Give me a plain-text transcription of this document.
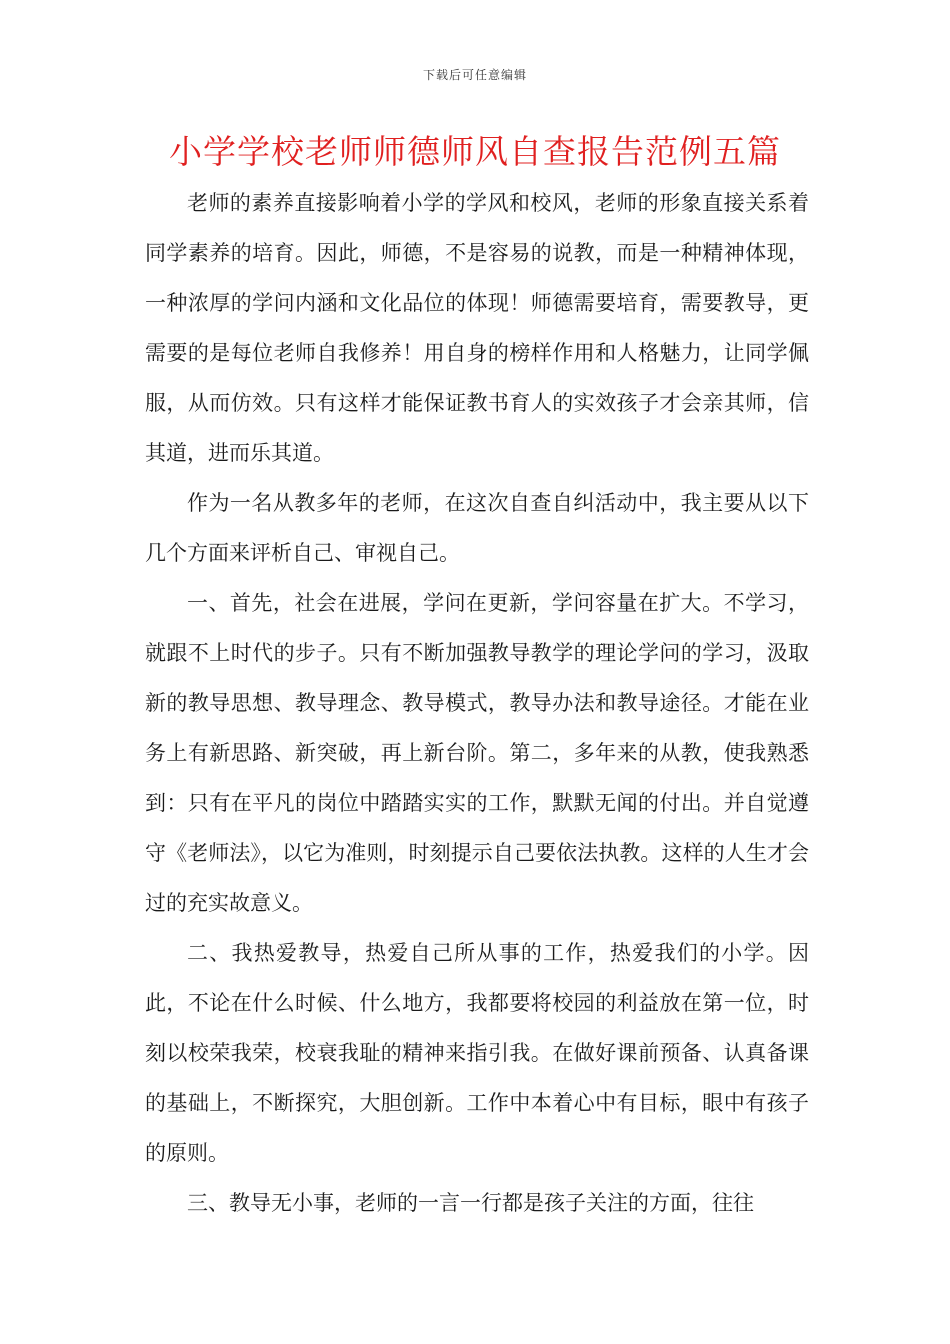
下载后可任意编辑
小学学校老师师德师风自查报告范例五篇

老师的素养直接影响着小学的学风和校风，老师的形象直接关系着同学素养的培育。因此，师德，不是容易的说教，而是一种精神体现，一种浓厚的学问内涵和文化品位的体现！师德需要培育，需要教导，更需要的是每位老师自我修养！用自身的榜样作用和人格魅力，让同学佩服，从而仿效。只有这样才能保证教书育人的实效孩子才会亲其师，信其道，进而乐其道。

作为一名从教多年的老师，在这次自查自纠活动中，我主要从以下几个方面来评析自己、审视自己。

一、首先，社会在进展，学问在更新，学问容量在扩大。不学习，就跟不上时代的步子。只有不断加强教导教学的理论学问的学习，汲取新的教导思想、教导理念、教导模式，教导办法和教导途径。才能在业务上有新思路、新突破，再上新台阶。第二，多年来的从教，使我熟悉到：只有在平凡的岗位中踏踏实实的工作，默默无闻的付出。并自觉遵守《老师法》，以它为准则，时刻提示自己要依法执教。这样的人生才会过的充实故意义。

二、我热爱教导，热爱自己所从事的工作，热爱我们的小学。因此，不论在什么时候、什么地方，我都要将校园的利益放在第一位，时刻以校荣我荣，校衰我耻的精神来指引我。在做好课前预备、认真备课的基础上，不断探究，大胆创新。工作中本着心中有目标，眼中有孩子的原则。

三、教导无小事，老师的一言一行都是孩子关注的方面，往往
